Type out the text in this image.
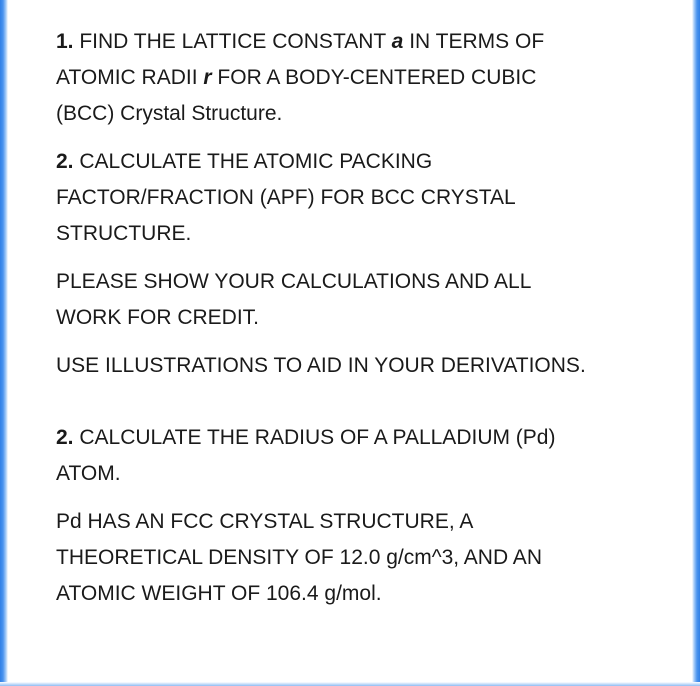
1. FIND THE LATTICE CONSTANT a IN TERMS OF
ATOMIC RADII r FOR A BODY-CENTERED CUBIC
(BCC) Crystal Structure.
2. CALCULATE THE ATOMIC PACKING
FACTOR/FRACTION (APF) FOR BCC CRYSTAL
STRUCTURE.
PLEASE SHOW YOUR CALCULATIONS AND ALL
WORK FOR CREDIT.
USE ILLUSTRATIONS TO AID IN YOUR DERIVATIONS.
2. CALCULATE THE RADIUS OF A PALLADIUM (Pd)
ATOM.
Pd HAS AN FCC CRYSTAL STRUCTURE, A
THEORETICAL DENSITY OF 12.0 g/cm^3, AND AN
ATOMIC WEIGHT OF 106.4 g/mol.
